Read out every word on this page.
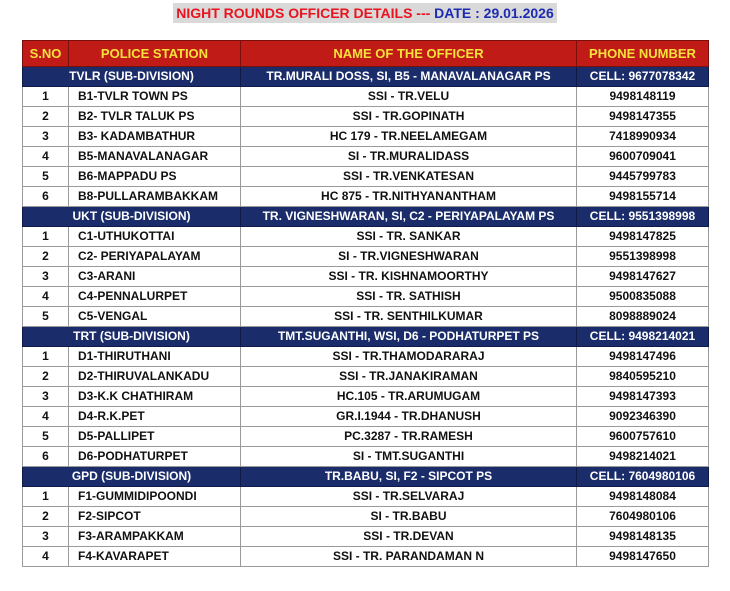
NIGHT ROUNDS OFFICER DETAILS --- DATE : 29.01.2026
S.NO	POLICE STATION	NAME OF THE OFFICER	PHONE NUMBER
TVLR (SUB-DIVISION)		TR.MURALI DOSS, SI, B5 - MANAVALANAGAR PS	CELL: 9677078342
1	B1-TVLR TOWN PS	SSI - TR.VELU	9498148119
2	B2- TVLR TALUK PS	SSI - TR.GOPINATH	9498147355
3	B3- KADAMBATHUR	HC 179 - TR.NEELAMEGAM	7418990934
4	B5-MANAVALANAGAR	SI - TR.MURALIDASS	9600709041
5	B6-MAPPADU PS	SSI - TR.VENKATESAN	9445799783
6	B8-PULLARAMBAKKAM	HC 875 - TR.NITHYANANTHAM	9498155714
UKT (SUB-DIVISION)		TR. VIGNESHWARAN, SI, C2 - PERIYAPALAYAM PS	CELL: 9551398998
1	C1-UTHUKOTTAI	SSI - TR. SANKAR	9498147825
2	C2- PERIYAPALAYAM	SI - TR.VIGNESHWARAN	9551398998
3	C3-ARANI	SSI - TR. KISHNAMOORTHY	9498147627
4	C4-PENNALURPET	SSI - TR. SATHISH	9500835088
5	C5-VENGAL	SSI - TR. SENTHILKUMAR	8098889024
TRT (SUB-DIVISION)		TMT.SUGANTHI, WSI, D6 - PODHATURPET PS	CELL: 9498214021
1	D1-THIRUTHANI	SSI - TR.THAMODARARAJ	9498147496
2	D2-THIRUVALANKADU	SSI - TR.JANAKIRAMAN	9840595210
3	D3-K.K CHATHIRAM	HC.105 - TR.ARUMUGAM	9498147393
4	D4-R.K.PET	GR.I.1944 - TR.DHANUSH	9092346390
5	D5-PALLIPET	PC.3287 - TR.RAMESH	9600757610
6	D6-PODHATURPET	SI - TMT.SUGANTHI	9498214021
GPD (SUB-DIVISION)		TR.BABU, SI, F2 - SIPCOT PS	CELL: 7604980106
1	F1-GUMMIDIPOONDI	SSI - TR.SELVARAJ	9498148084
2	F2-SIPCOT	SI - TR.BABU	7604980106
3	F3-ARAMPAKKAM	SSI - TR.DEVAN	9498148135
4	F4-KAVARAPET	SSI - TR. PARANDAMAN N	9498147650
